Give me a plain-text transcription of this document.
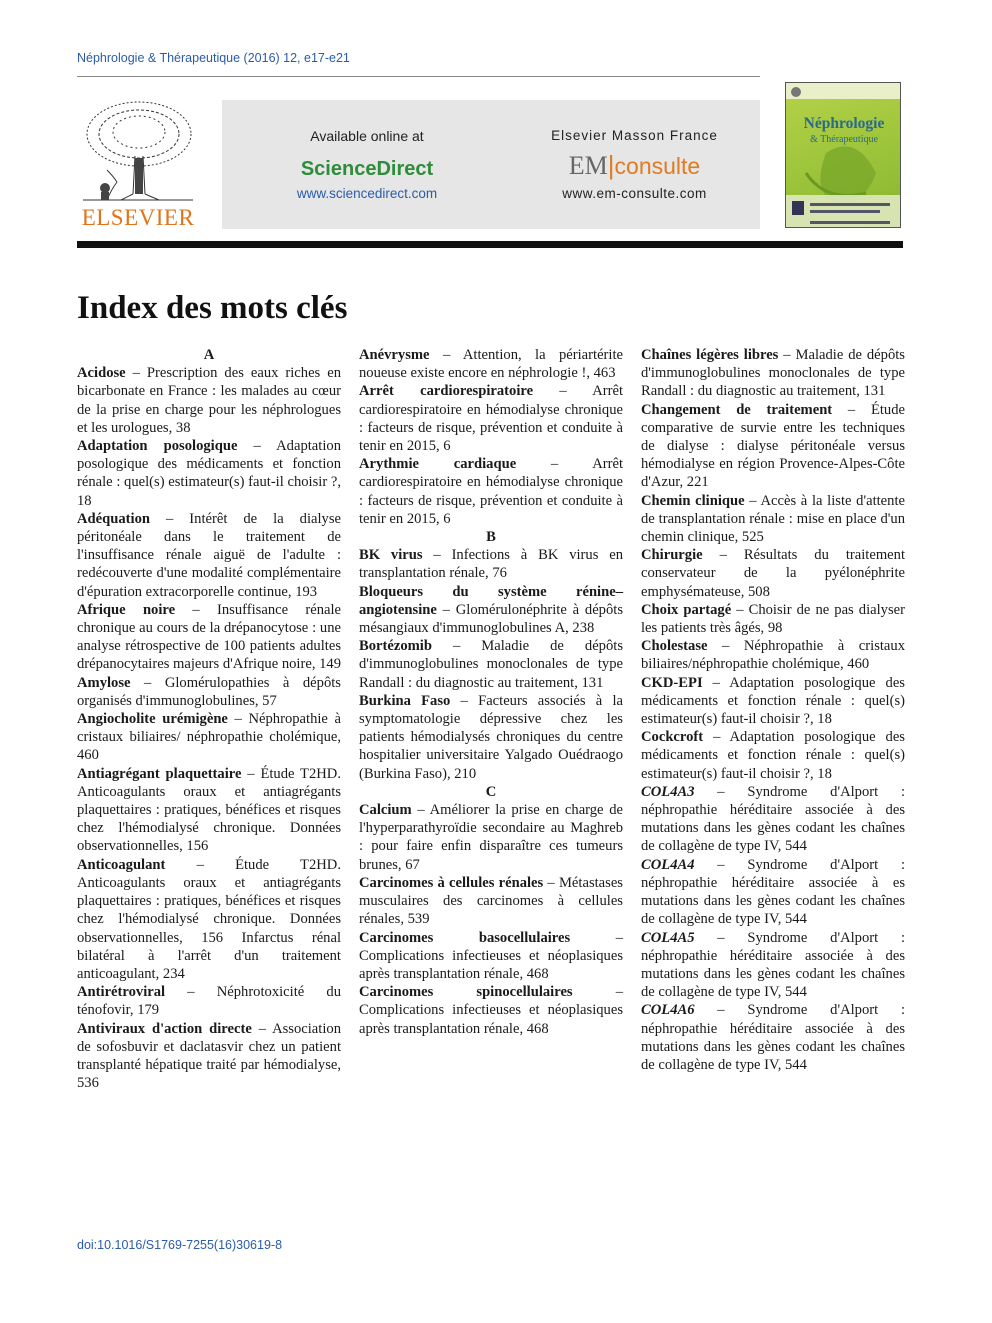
Néphrologie & Thérapeutique (2016) 12, e17-e21
ELSEVIER
Available online at
ScienceDirect
www.sciencedirect.com
Elsevier Masson France
EM|consulte
www.em-consulte.com
Néphrologie
& Thérapeutique
Index des mots clés
A
Acidose – Prescription des eaux riches en bicarbonate en France : les malades au cœur de la prise en charge pour les néphrologues et les urologues, 38
Adaptation posologique – Adaptation posologique des médicaments et fonction rénale : quel(s) estimateur(s) faut-il choisir ?, 18
Adéquation – Intérêt de la dialyse péritonéale dans le traitement de l'insuffisance rénale aiguë de l'adulte : redécouverte d'une modalité complémentaire d'épuration extracorporelle continue, 193
Afrique noire – Insuffisance rénale chronique au cours de la drépanocytose : une analyse rétrospective de 100 patients adultes drépanocytaires majeurs d'Afrique noire, 149
Amylose – Glomérulopathies à dépôts organisés d'immunoglobulines, 57
Angiocholite urémigène – Néphropathie à cristaux biliaires/ néphropathie cholémique, 460
Antiagrégant plaquettaire – Étude T2HD. Anticoagulants oraux et antiagrégants plaquettaires : pratiques, bénéfices et risques chez l'hémodialysé chronique. Données observationnelles, 156
Anticoagulant – Étude T2HD. Anticoagulants oraux et antiagrégants plaquettaires : pratiques, bénéfices et risques chez l'hémodialysé chronique. Données observationnelles, 156 Infarctus rénal bilatéral à l'arrêt d'un traitement anticoagulant, 234
Antirétroviral – Néphrotoxicité du ténofovir, 179
Antiviraux d'action directe – Association de sofosbuvir et daclatasvir chez un patient transplanté hépatique traité par hémodialyse, 536
Anévrysme – Attention, la périartérite noueuse existe encore en néphrologie !, 463
Arrêt cardiorespiratoire – Arrêt cardiorespiratoire en hémodialyse chronique : facteurs de risque, prévention et conduite à tenir en 2015, 6
Arythmie cardiaque – Arrêt cardiorespiratoire en hémodialyse chronique : facteurs de risque, prévention et conduite à tenir en 2015, 6
B
BK virus – Infections à BK virus en transplantation rénale, 76
Bloqueurs du système rénine–angiotensine – Glomérulonéphrite à dépôts mésangiaux d'immunoglobulines A, 238
Bortézomib – Maladie de dépôts d'immunoglobulines monoclonales de type Randall : du diagnostic au traitement, 131
Burkina Faso – Facteurs associés à la symptomatologie dépressive chez les patients hémodialysés chroniques du centre hospitalier universitaire Yalgado Ouédraogo (Burkina Faso), 210
C
Calcium – Améliorer la prise en charge de l'hyperparathyroïdie secondaire au Maghreb : pour faire enfin disparaître ces tumeurs brunes, 67
Carcinomes à cellules rénales – Métastases musculaires des carcinomes à cellules rénales, 539
Carcinomes basocellulaires – Complications infectieuses et néoplasiques après transplantation rénale, 468
Carcinomes spinocellulaires – Complications infectieuses et néoplasiques après transplantation rénale, 468
Chaînes légères libres – Maladie de dépôts d'immunoglobulines monoclonales de type Randall : du diagnostic au traitement, 131
Changement de traitement – Étude comparative de survie entre les techniques de dialyse : dialyse péritonéale versus hémodialyse en région Provence-Alpes-Côte d'Azur, 221
Chemin clinique – Accès à la liste d'attente de transplantation rénale : mise en place d'un chemin clinique, 525
Chirurgie – Résultats du traitement conservateur de la pyélonéphrite emphysémateuse, 508
Choix partagé – Choisir de ne pas dialyser les patients très âgés, 98
Cholestase – Néphropathie à cristaux biliaires/néphropathie cholémique, 460
CKD-EPI – Adaptation posologique des médicaments et fonction rénale : quel(s) estimateur(s) faut-il choisir ?, 18
Cockcroft – Adaptation posologique des médicaments et fonction rénale : quel(s) estimateur(s) faut-il choisir ?, 18
COL4A3 – Syndrome d'Alport : néphropathie héréditaire associée à des mutations dans les gènes codant les chaînes de collagène de type IV, 544
COL4A4 – Syndrome d'Alport : néphropathie héréditaire associée à es mutations dans les gènes codant les chaînes de collagène de type IV, 544
COL4A5 – Syndrome d'Alport : néphropathie héréditaire associée à des mutations dans les gènes codant les chaînes de collagène de type IV, 544
COL4A6 – Syndrome d'Alport : néphropathie héréditaire associée à des mutations dans les gènes codant les chaînes de collagène de type IV, 544
doi:10.1016/S1769-7255(16)30619-8
